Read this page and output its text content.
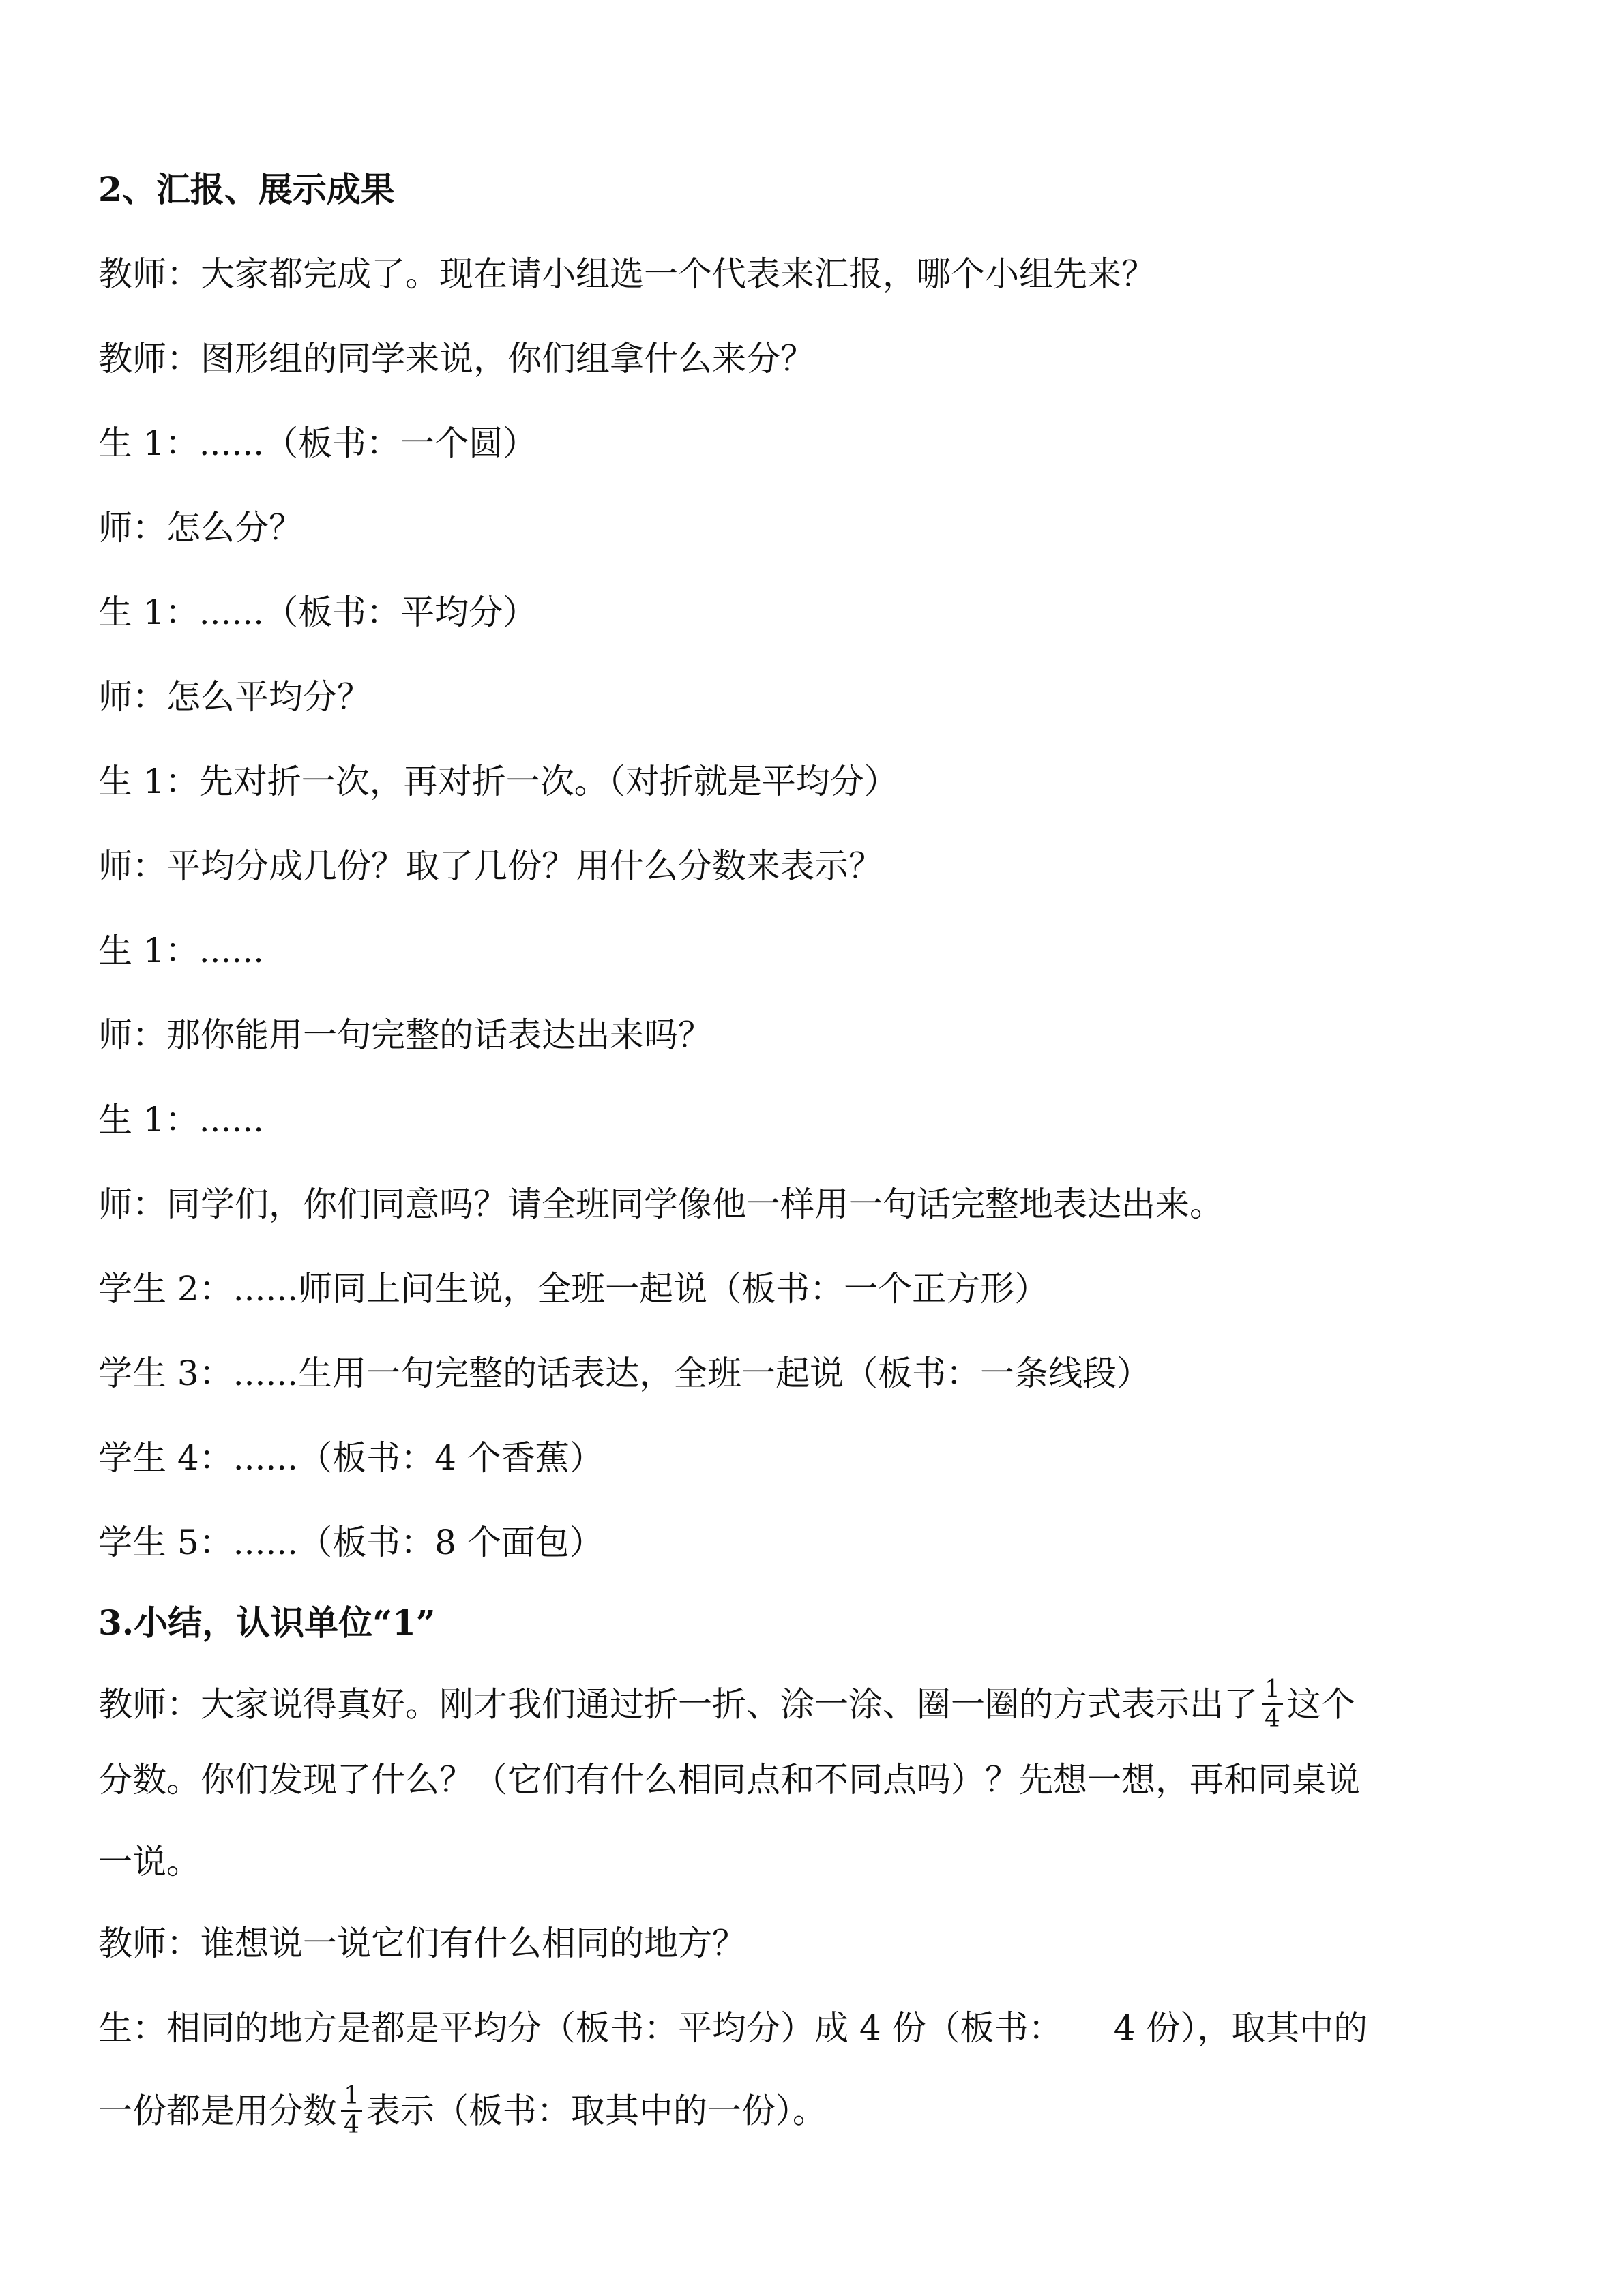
2、汇报、展示成果
教师：大家都完成了。现在请小组选一个代表来汇报，哪个小组先来？
教师：图形组的同学来说，你们组拿什么来分？
生 1：......（板书：一个圆）
师：怎么分？
生 1：......（板书：平均分）
师：怎么平均分？
生 1：先对折一次，再对折一次。（对折就是平均分）
师：平均分成几份？取了几份？用什么分数来表示？
生 1：......
师：那你能用一句完整的话表达出来吗？
生 1：......
师：同学们，你们同意吗？请全班同学像他一样用一句话完整地表达出来。
学生 2：......师同上问生说，全班一起说（板书：一个正方形）
学生 3：......生用一句完整的话表达，全班一起说（板书：一条线段）
学生 4：......（板书：4 个香蕉）
学生 5：......（板书：8 个面包）
3.小结，认识单位“1”
教师：大家说得真好。刚才我们通过折一折、涂一涂、圈一圈的方式表示出了 $\frac{1}{4}$ 这个
分数。你们发现了什么？（它们有什么相同点和不同点吗）？先想一想，再和同桌说
一说。
教师：谁想说一说它们有什么相同的地方？
生：相同的地方是都是平均分（板书：平均分）成 4 份（板书：　　4 份），取其中的
一份都是用分数 $\frac{1}{4}$ 表示（板书：取其中的一份）。
